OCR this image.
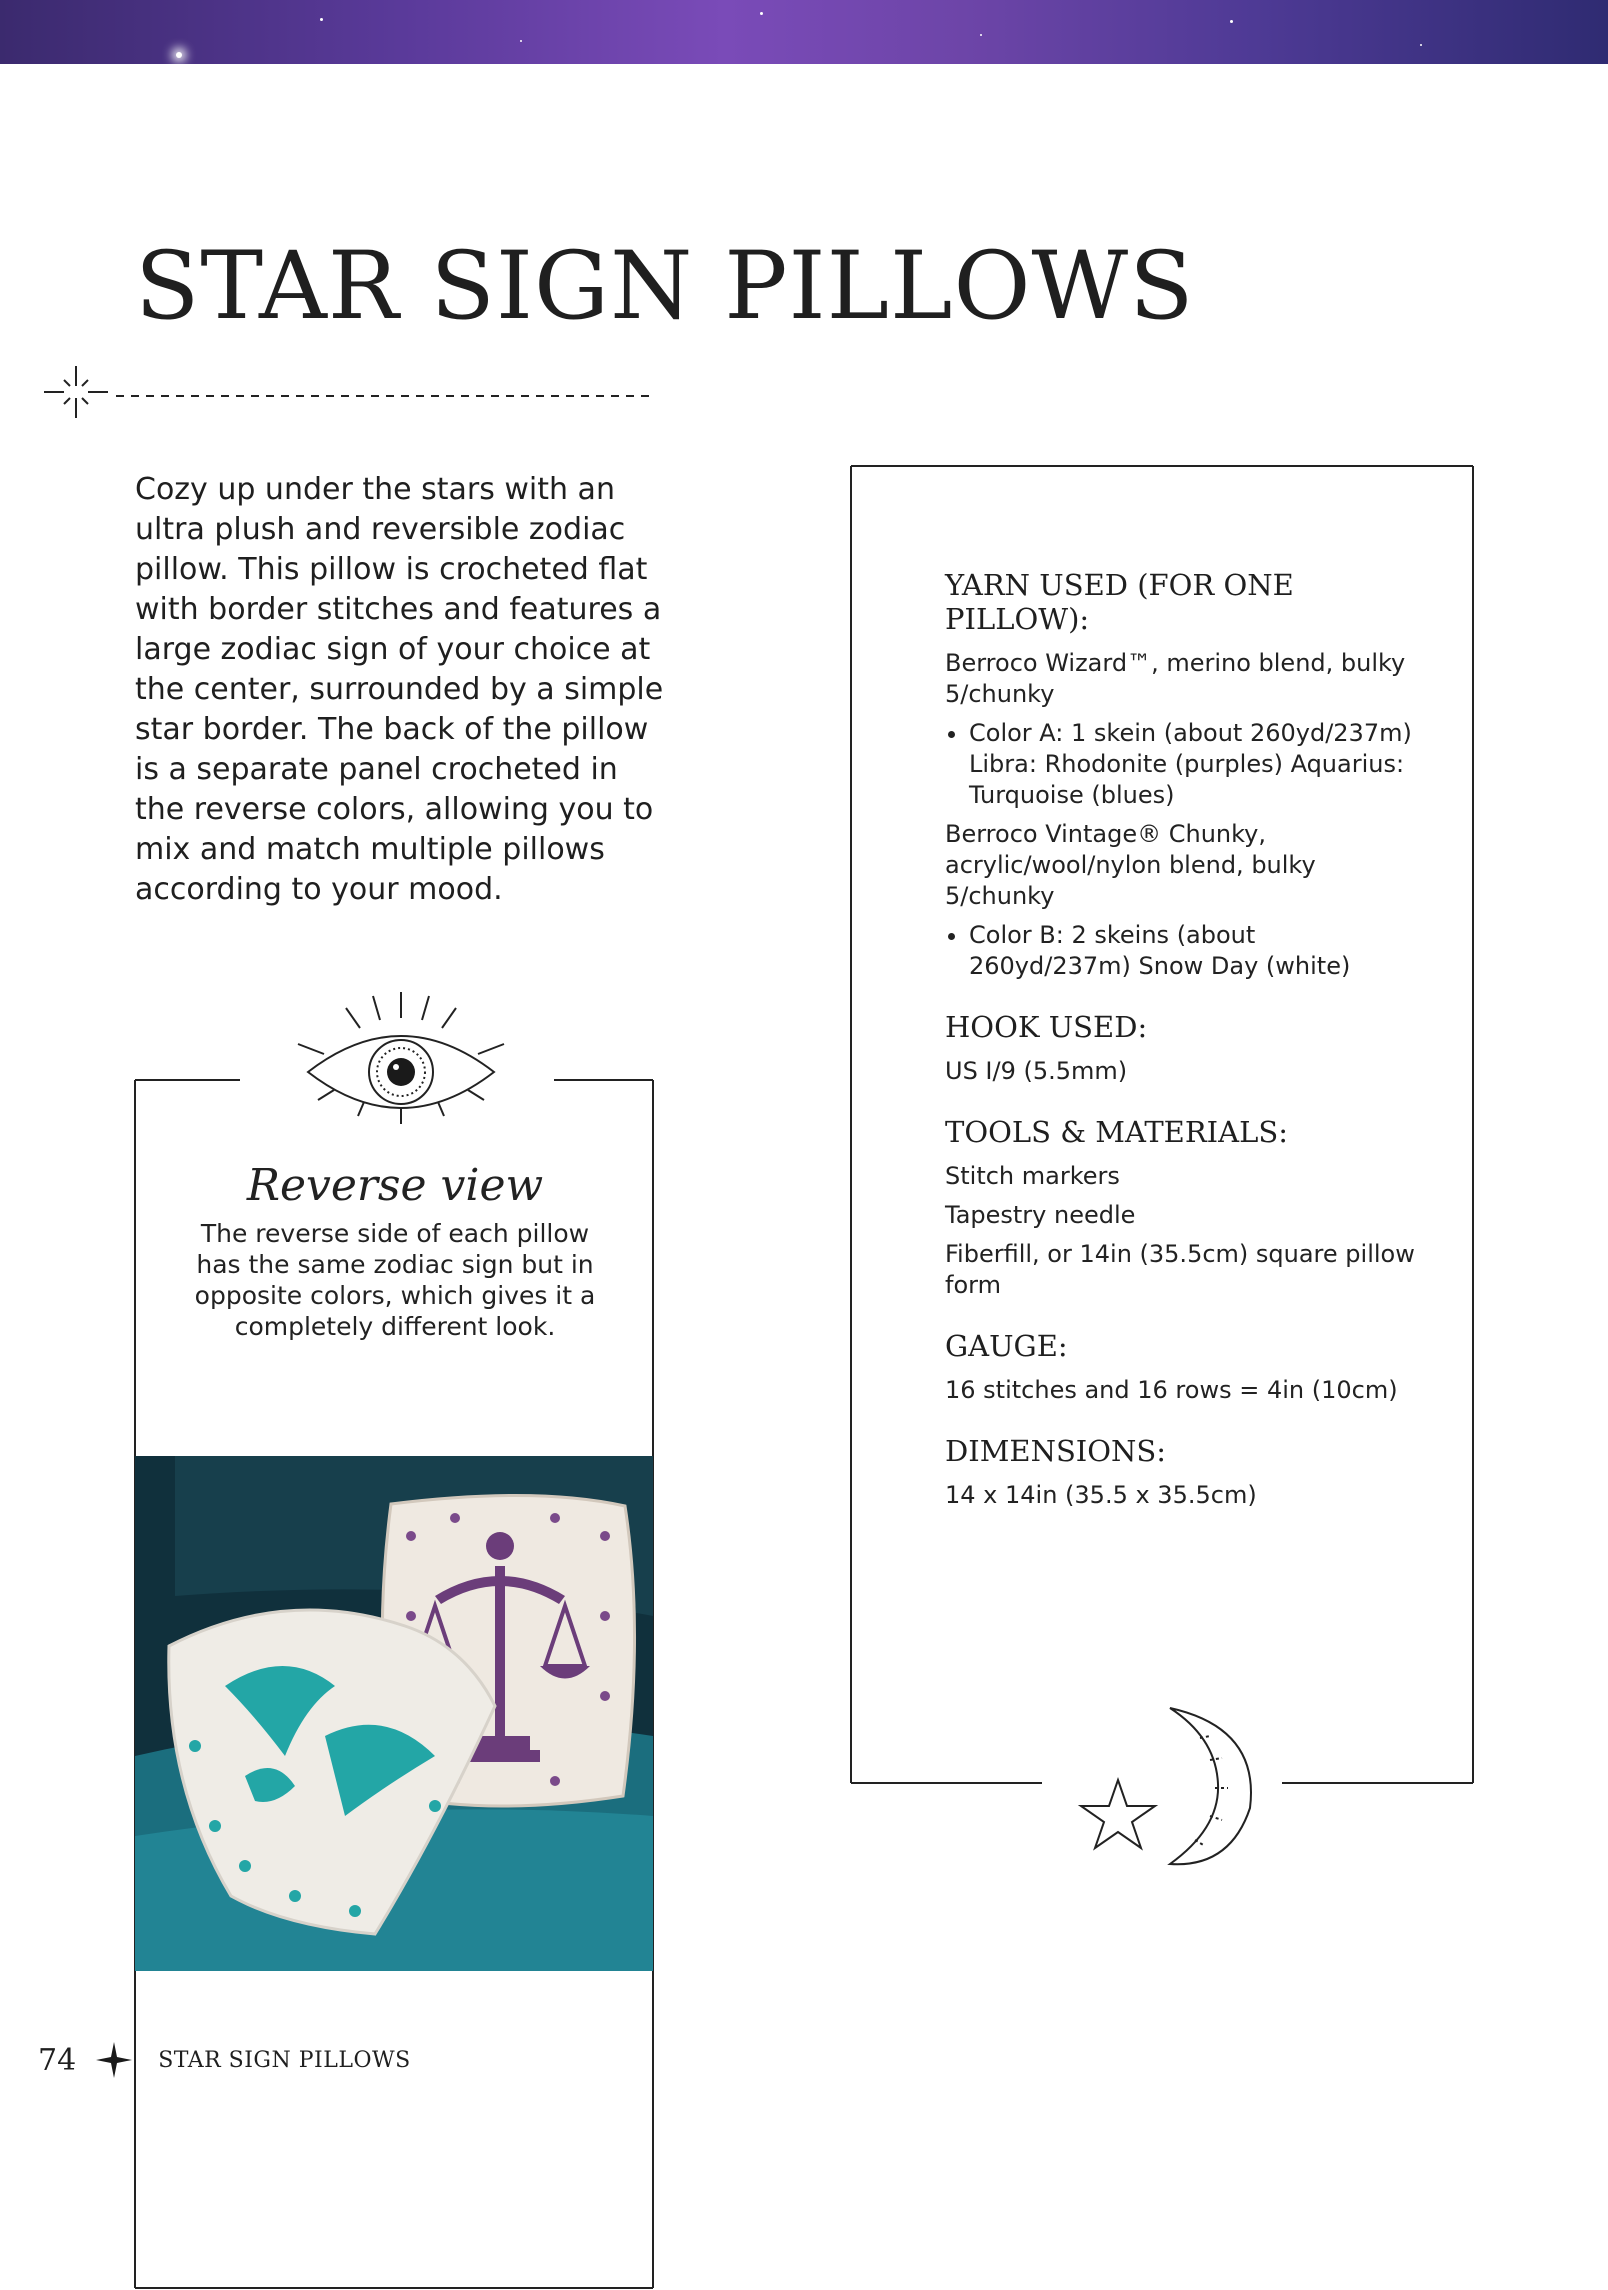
STAR SIGN PILLOWS

Cozy up under the stars with an ultra plush and reversible zodiac pillow. This pillow is crocheted flat with border stitches and features a large zodiac sign of your choice at the center, surrounded by a simple star border. The back of the pillow is a separate panel crocheted in the reverse colors, allowing you to mix and match multiple pillows according to your mood.

Reverse view

The reverse side of each pillow has the same zodiac sign but in opposite colors, which gives it a completely different look.

YARN USED (FOR ONE PILLOW):

Berroco Wizard™, merino blend, bulky 5/chunky

• Color A: 1 skein (about 260yd/237m) Libra: Rhodonite (purples) Aquarius: Turquoise (blues)

Berroco Vintage® Chunky, acrylic/wool/nylon blend, bulky 5/chunky

• Color B: 2 skeins (about 260yd/237m) Snow Day (white)
HOOK USED:

US I/9 (5.5mm)

TOOLS & MATERIALS:

Stitch markers

Tapestry needle

Fiberfill, or 14in (35.5cm) square pillow form

GAUGE:

16 stitches and 16 rows = 4in (10cm)

DIMENSIONS:

14 x 14in (35.5 x 35.5cm)

74	STAR SIGN PILLOWS
